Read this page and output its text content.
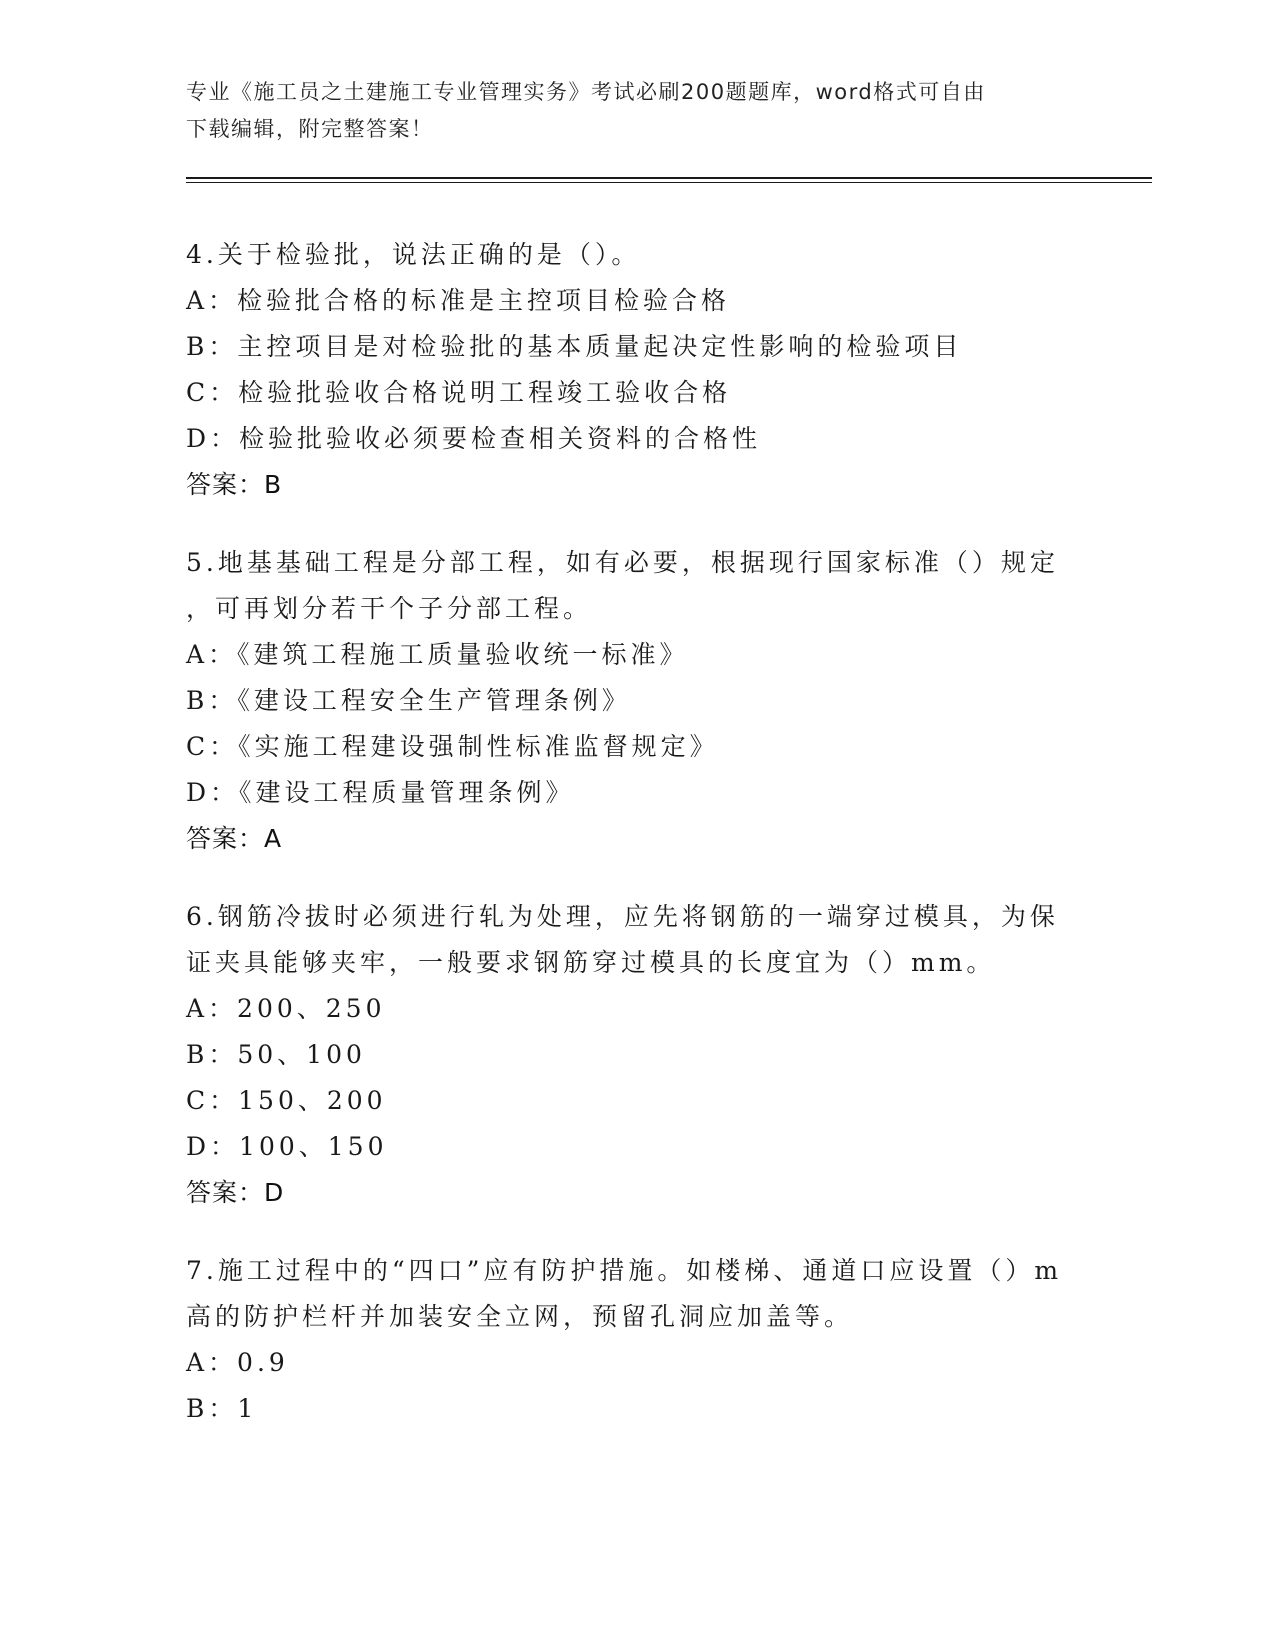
专业《施工员之土建施工专业管理实务》考试必刷200题题库，word格式可自由
下载编辑，附完整答案！
4.关于检验批，说法正确的是（）。
A：检验批合格的标准是主控项目检验合格
B：主控项目是对检验批的基本质量起决定性影响的检验项目
C：检验批验收合格说明工程竣工验收合格
D：检验批验收必须要检查相关资料的合格性
答案：B
5.地基基础工程是分部工程，如有必要，根据现行国家标准（）规定
，可再划分若干个子分部工程。
A：《建筑工程施工质量验收统一标准》
B：《建设工程安全生产管理条例》
C：《实施工程建设强制性标准监督规定》
D：《建设工程质量管理条例》
答案：A
6.钢筋冷拔时必须进行轧为处理，应先将钢筋的一端穿过模具，为保
证夹具能够夹牢，一般要求钢筋穿过模具的长度宜为（）mm。
A：200、250
B：50、100
C：150、200
D：100、150
答案：D
7.施工过程中的“四口”应有防护措施。如楼梯、通道口应设置（）m
高的防护栏杆并加装安全立网，预留孔洞应加盖等。
A：0.9
B：1
